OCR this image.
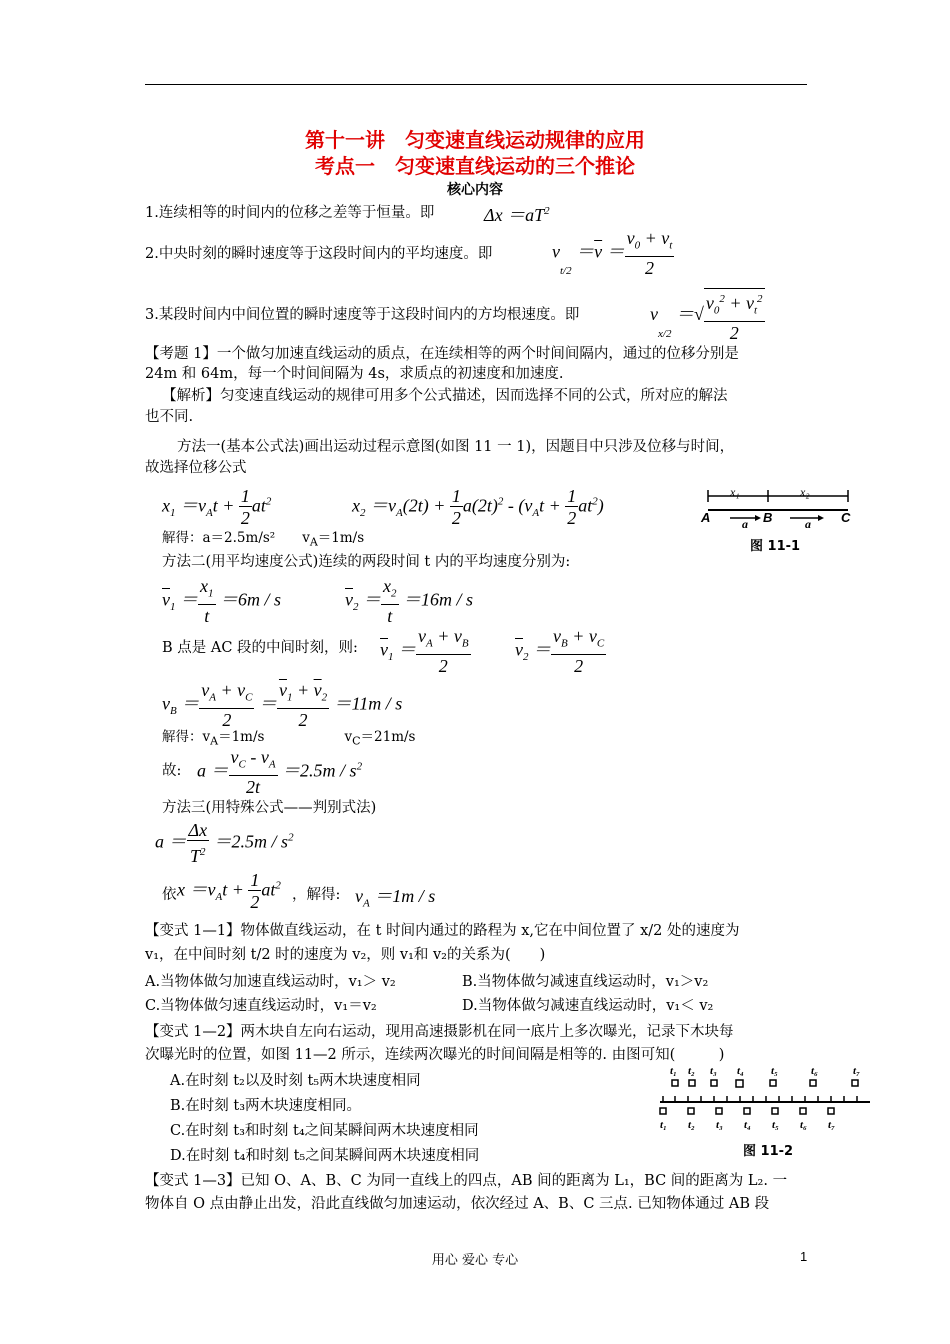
第十一讲　匀变速直线运动规律的应用
考点一　匀变速直线运动的三个推论
核心内容
1.连续相等的时间内的位移之差等于恒量。即	$\Delta x =aT^2$
2.中央时刻的瞬时速度等于这段时间内的平均速度。即	$v_{t/2} =\overline{v} = \frac{v_0 + v_t}{2}$
3.某段时间内中间位置的瞬时速度等于这段时间内的方均根速度。即	$v_{x/2}$ ＝√ $\frac{v_0^2 + v_t^2}{2}$
【考题 1】一个做匀加速直线运动的质点，在连续相等的两个时间间隔内，通过的位移分别是
24m 和 64m，每一个时间间隔为 4s，求质点的初速度和加速度.
【解析】匀变速直线运动的规律可用多个公式描述，因而选择不同的公式，所对应的解法
也不同.
方法一(基本公式法)画出运动过程示意图(如图 11 一 1)，因题目中只涉及位移与时间，
故选择位移公式
$x_1 =v_At + \frac{1}{2} at^2$	$x_2 =v_A(2t) + \frac{1}{2} a(2t)^2 - (v_At + \frac{1}{2} at^2)$
A	B	C
x₁	x₂
a	a
图 11-1
解得：a＝2.5m/s²　　$v_A=1m/s$
方法二(用平均速度公式)连续的两段时间 t 内的平均速度分别为:
$\overline{v}_1 = \frac{x_1}{t} =6m / s$	$\overline{v}_2 = \frac{x_2}{t} =16m / s$
B 点是 AC 段的中间时刻，则: $\overline{v}_1 = \frac{v_A + v_B}{2} \overline{v}_2 = \frac{v_B + v_C}{2}$
$v_B = \frac{v_A + v_C}{2} = \frac{\overline{v}_1 + \overline{v}_2}{2} =11m / s$
解得：$v_A=1m/s$	$v_C=21m/s$
故: $a = \frac{v_C - v_A}{2t} =2.5m / s^2$
方法三(用特殊公式——判别式法)
$a = \frac{\Delta x}{T^2} =2.5m / s^2$
依 $x =v_At + \frac{1}{2} at^2$
，解得: $v_A =1m / s$
【变式 1—1】物体做直线运动，在 t 时间内通过的路程为 x,它在中间位置了 x/2 处的速度为
v₁，在中间时刻 t/2 时的速度为 v₂，则 v₁和 v₂的关系为(　　)
A.当物体做匀加速直线运动时，v₁＞ v₂	B.当物体做匀减速直线运动时，v₁＞v₂
C.当物体做匀速直线运动时，v₁＝v₂	D.当物体做匀减速直线运动时，v₁＜ v₂
【变式 1—2】两木块自左向右运动，现用高速摄影机在同一底片上多次曝光，记录下木块每
次曝光时的位置，如图 11—2 所示，连续两次曝光的时间间隔是相等的. 由图可知(　　　)
A.在时刻 t₂以及时刻 t₅两木块速度相同
B.在时刻 t₃两木块速度相同。
C.在时刻 t₃和时刻 t₄之间某瞬间两木块速度相同
D.在时刻 t₄和时刻 t₅之间某瞬间两木块速度相同
t₁ t₂ t₃ t₄ t₅	t₆	t₇
t₁ t₂ t₃ t₄ t₅ t₆ t₇
图 11-2
【变式 1—3】已知 O、A、B、C 为同一直线上的四点，AB 间的距离为 L₁，BC 间的距离为 L₂. 一
物体自 O 点由静止出发，沿此直线做匀加速运动，依次经过 A、B、C 三点. 已知物体通过 AB 段
用心 爱心 专心	1
